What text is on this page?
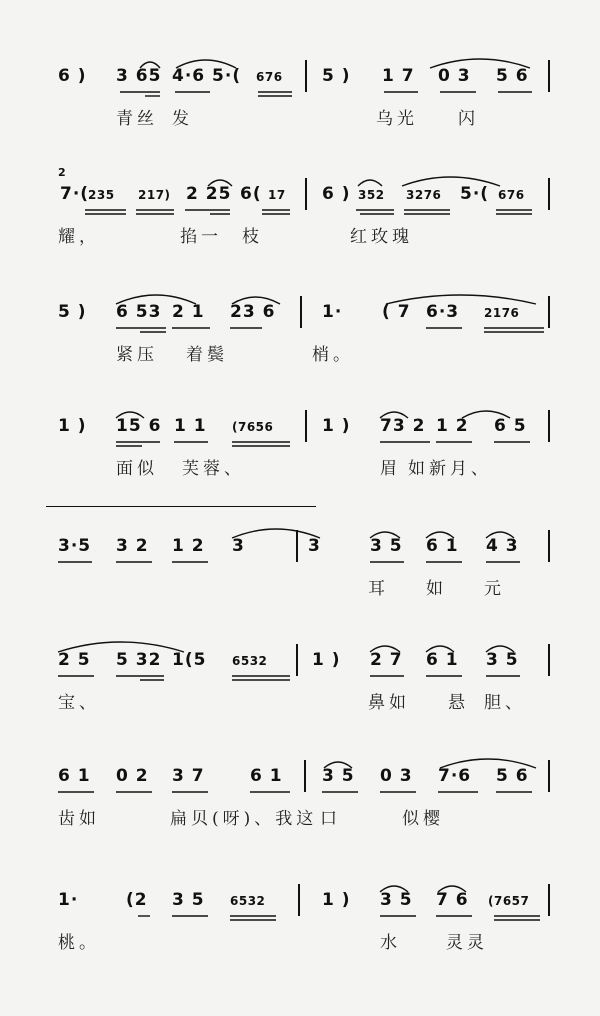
6 ) 3 65 4·6 5·( 676 5 ) 1 7 0 3 5 6
青丝 发	乌光 闪
2
7·(
235 217) 2 25 6( 17 6 ) 352 3276 5·( 676
耀，	掐一 枝	红玫瑰
5 ) 6 53 2 1 23 6	1· ( 7 6·3 2176
紧压 着鬓	梢。
1 ) 15 6 1 1 (7656	1 ) 73 2 1 2 6 5
面似 芙蓉、	眉 如新月、
3·5 3 2 1 2 3	3	3 5 6 1 4 3
耳 如 元
2 5 5 32 1(5 6532	1 ) 2 7 6 1 3 5
宝、	鼻如 悬 胆、
6 1 0 2 3 7	6 1 3 5 0 3 7·6 5 6
齿如	扁贝(呀)、我这 口	似樱
1·	(2 3 5 6532	1 ) 3 5 7 6 (7657
桃。	水	灵灵
